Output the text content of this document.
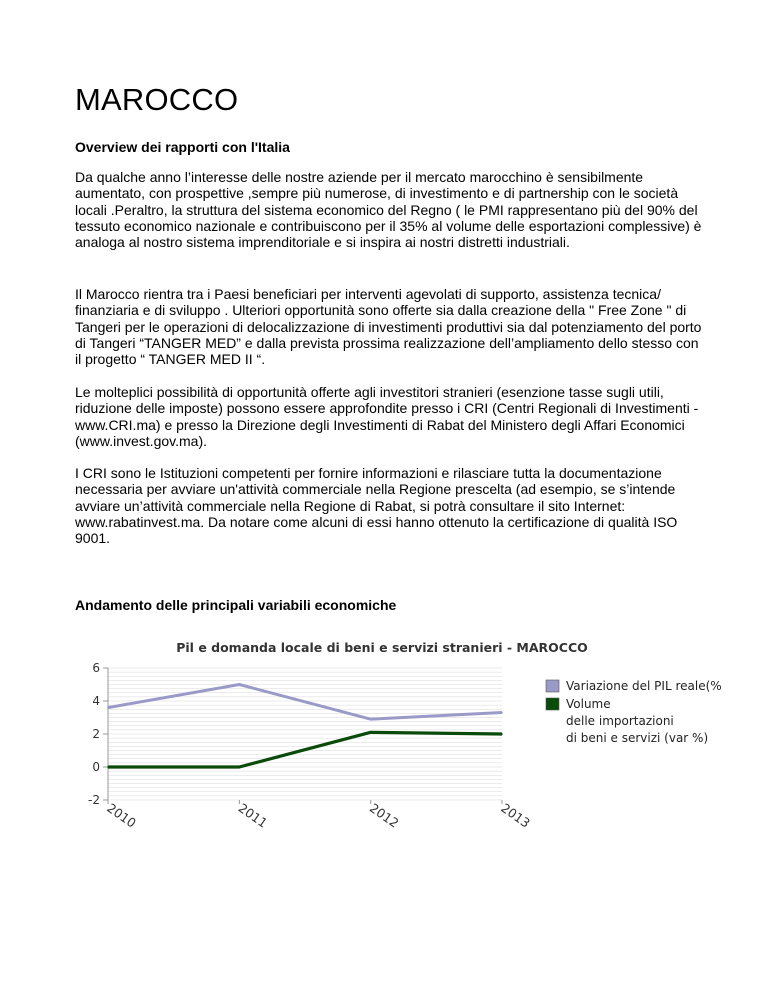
MAROCCO

Overview dei rapporti con l'Italia

Da qualche anno l’interesse delle nostre aziende per il mercato marocchino è sensibilmente aumentato, con prospettive ,sempre più numerose, di investimento e di partnership con le società locali .Peraltro, la struttura del sistema economico del Regno ( le PMI rappresentano più del 90% del tessuto economico nazionale e contribuiscono per il 35% al volume delle esportazioni complessive) è analoga al nostro sistema imprenditoriale e si inspira ai nostri distretti industriali.

Il Marocco rientra tra i Paesi beneficiari per interventi agevolati di supporto, assistenza tecnica/ finanziaria e di sviluppo . Ulteriori opportunità sono offerte sia dalla creazione della " Free Zone " di Tangeri per le operazioni di delocalizzazione di investimenti produttivi sia dal potenziamento del porto di Tangeri “TANGER MED” e dalla prevista prossima realizzazione dell’ampliamento dello stesso con il progetto “ TANGER MED II “.

Le molteplici possibilità di opportunità offerte agli investitori stranieri (esenzione tasse sugli utili, riduzione delle imposte) possono essere approfondite presso i CRI (Centri Regionali di Investimenti - www.CRI.ma) e presso la Direzione degli Investimenti di Rabat del Ministero degli Affari Economici (www.invest.gov.ma).

I CRI sono le Istituzioni competenti per fornire informazioni e rilasciare tutta la documentazione necessaria per avviare un'attività commerciale nella Regione prescelta (ad esempio, se s’intende avviare un’attività commerciale nella Regione di Rabat, si potrà consultare il sito Internet: www.rabatinvest.ma. Da notare come alcuni di essi hanno ottenuto la certificazione di qualità ISO 9001.

Andamento delle principali variabili economiche

Pil e domanda locale di beni e servizi stranieri - MAROCCO
6
4
2
0
-2
2010	2011	2012	2013
Variazione del PIL reale(%
Volume
delle importazioni
di beni e servizi (var %)
